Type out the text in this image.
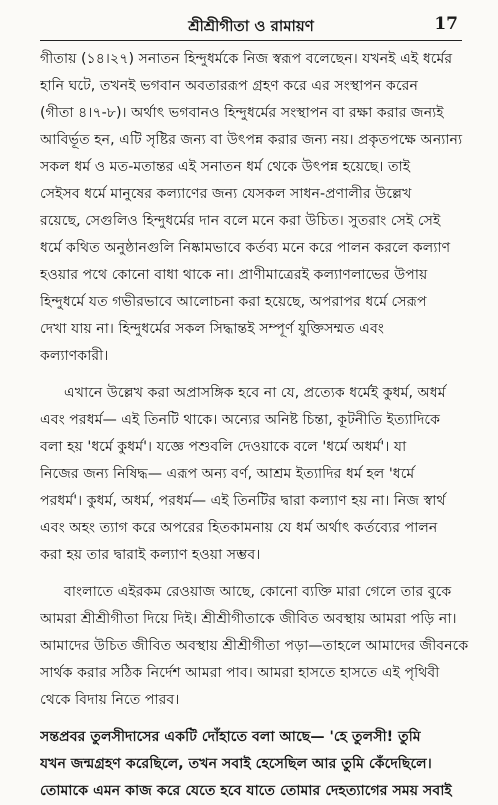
শ্রীশ্রীগীতা ও রামায়ণ	17
গীতায় (১৪।২৭) সনাতন হিন্দুধর্মকে নিজ স্বরূপ বলেছেন। যখনই এই ধর্মের
হানি ঘটে, তখনই ভগবান অবতাররূপ গ্রহণ করে এর সংস্থাপন করেন
(গীতা ৪।৭-৮)। অর্থাৎ ভগবানও হিন্দুধর্মের সংস্থাপন বা রক্ষা করার জন্যই
আবির্ভূত হন, এটি সৃষ্টির জন্য বা উৎপন্ন করার জন্য নয়। প্রকৃতপক্ষে অন্যান্য
সকল ধর্ম ও মত-মতান্তর এই সনাতন ধর্ম থেকে উৎপন্ন হয়েছে। তাই
সেইসব ধর্মে মানুষের কল্যাণের জন্য যেসকল সাধন-প্রণালীর উল্লেখ
রয়েছে, সেগুলিও হিন্দুধর্মের দান বলে মনে করা উচিত। সুতরাং সেই সেই
ধর্মে কথিত অনুষ্ঠানগুলি নিষ্কামভাবে কর্তব্য মনে করে পালন করলে কল্যাণ
হওয়ার পথে কোনো বাধা থাকে না। প্রাণীমাত্রেরই কল্যাণলাভের উপায়
হিন্দুধর্মে যত গভীরভাবে আলোচনা করা হয়েছে, অপরাপর ধর্মে সেরূপ
দেখা যায় না। হিন্দুধর্মের সকল সিদ্ধান্তই সম্পূর্ণ যুক্তিসম্মত এবং
কল্যাণকারী।
এখানে উল্লেখ করা অপ্রাসঙ্গিক হবে না যে, প্রত্যেক ধর্মেই কুধর্ম, অধর্ম
এবং পরধর্ম— এই তিনটি থাকে। অন্যের অনিষ্ট চিন্তা, কূটনীতি ইত্যাদিকে
বলা হয় 'ধর্মে কুধর্ম'। যজ্ঞে পশুবলি দেওয়াকে বলে 'ধর্মে অধর্ম'। যা
নিজের জন্য নিষিদ্ধ— এরূপ অন্য বর্ণ, আশ্রম ইত্যাদির ধর্ম হল 'ধর্মে
পরধর্ম'। কুধর্ম, অধর্ম, পরধর্ম— এই তিনটির দ্বারা কল্যাণ হয় না। নিজ স্বার্থ
এবং অহং ত্যাগ করে অপরের হিতকামনায় যে ধর্ম অর্থাৎ কর্তব্যের পালন
করা হয় তার দ্বারাই কল্যাণ হওয়া সম্ভব।
বাংলাতে এইরকম রেওয়াজ আছে, কোনো ব্যক্তি মারা গেলে তার বুকে
আমরা শ্রীশ্রীগীতা দিয়ে দিই। শ্রীশ্রীগীতাকে জীবিত অবস্থায় আমরা পড়ি না।
আমাদের উচিত জীবিত অবস্থায় শ্রীশ্রীগীতা পড়া—তাহলে আমাদের জীবনকে
সার্থক করার সঠিক নির্দেশ আমরা পাব। আমরা হাসতে হাসতে এই পৃথিবী
থেকে বিদায় নিতে পারব।
সন্তপ্রবর তুলসীদাসের একটি দোঁহাতে বলা আছে— 'হে তুলসী! তুমি
যখন জন্মগ্রহণ করেছিলে, তখন সবাই হেসেছিল আর তুমি কেঁদেছিলে।
তোমাকে এমন কাজ করে যেতে হবে যাতে তোমার দেহত্যাগের সময় সবাই
